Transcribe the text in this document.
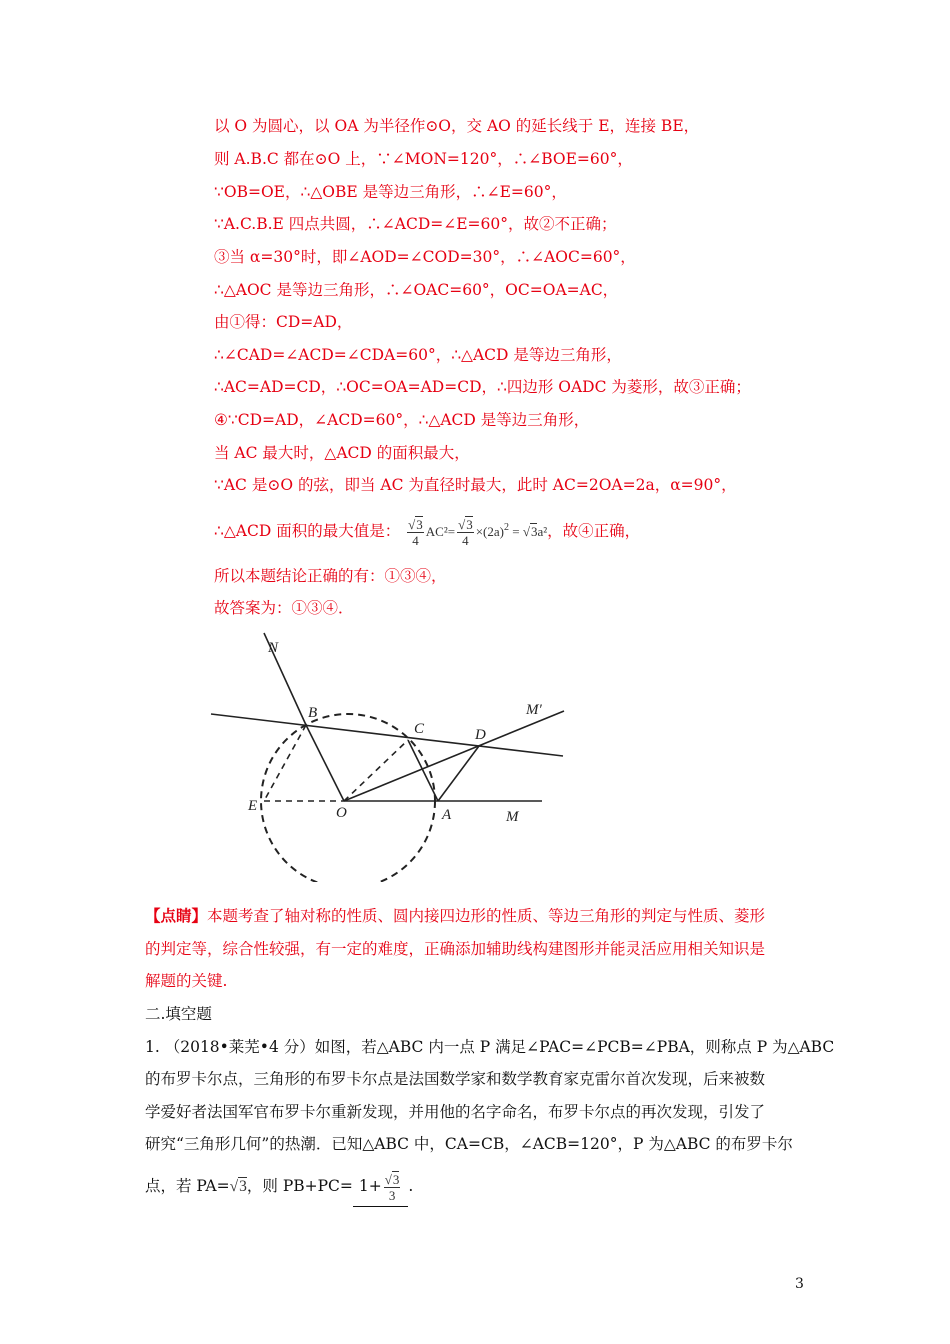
以 O 为圆心，以 OA 为半径作⊙O，交 AO 的延长线于 E，连接 BE，
则 A.B.C 都在⊙O 上，∵∠MON=120°，∴∠BOE=60°，
∵OB=OE，∴△OBE 是等边三角形，∴∠E=60°，
∵A.C.B.E 四点共圆，∴∠ACD=∠E=60°，故②不正确；
③当 α=30°时，即∠AOD=∠COD=30°，∴∠AOC=60°，
∴△AOC 是等边三角形，∴∠OAC=60°，OC=OA=AC，
由①得：CD=AD，
∴∠CAD=∠ACD=∠CDA=60°，∴△ACD 是等边三角形，
∴AC=AD=CD，∴OC=OA=AD=CD，∴四边形 OADC 为菱形，故③正确；
④∵CD=AD，∠ACD=60°，∴△ACD 是等边三角形，
当 AC 最大时，△ACD 的面积最大，
∵AC 是⊙O 的弦，即当 AC 为直径时最大，此时 AC=2OA=2a，α=90°，
∴△ACD 面积的最大值是： $\frac{√3}{4} AC^2= \frac{√3}{4} \times(2a)^2 = √3a^2$，故④正确，
所以本题结论正确的有：①③④，
故答案为：①③④．
N
B
C	D
M′
E	O	A	M
【点睛】本题考查了轴对称的性质、圆内接四边形的性质、等边三角形的判定与性质、菱形
的判定等，综合性较强，有一定的难度，正确添加辅助线构建图形并能灵活应用相关知识是
解题的关键.
二.填空题
1. （2018•莱芜•4 分）如图，若△ABC 内一点 P 满足∠PAC=∠PCB=∠PBA，则称点 P 为△ABC
的布罗卡尔点，三角形的布罗卡尔点是法国数学家和数学教育家克雷尔首次发现，后来被数
学爱好者法国军官布罗卡尔重新发现，并用他的名字命名，布罗卡尔点的再次发现，引发了
研究“三角形几何”的热潮．已知△ABC 中，CA=CB，∠ACB=120°，P 为△ABC 的布罗卡尔
点，若 PA=√3，则 $PB+PC= 1+ \frac{√3}{3}$ .
3
